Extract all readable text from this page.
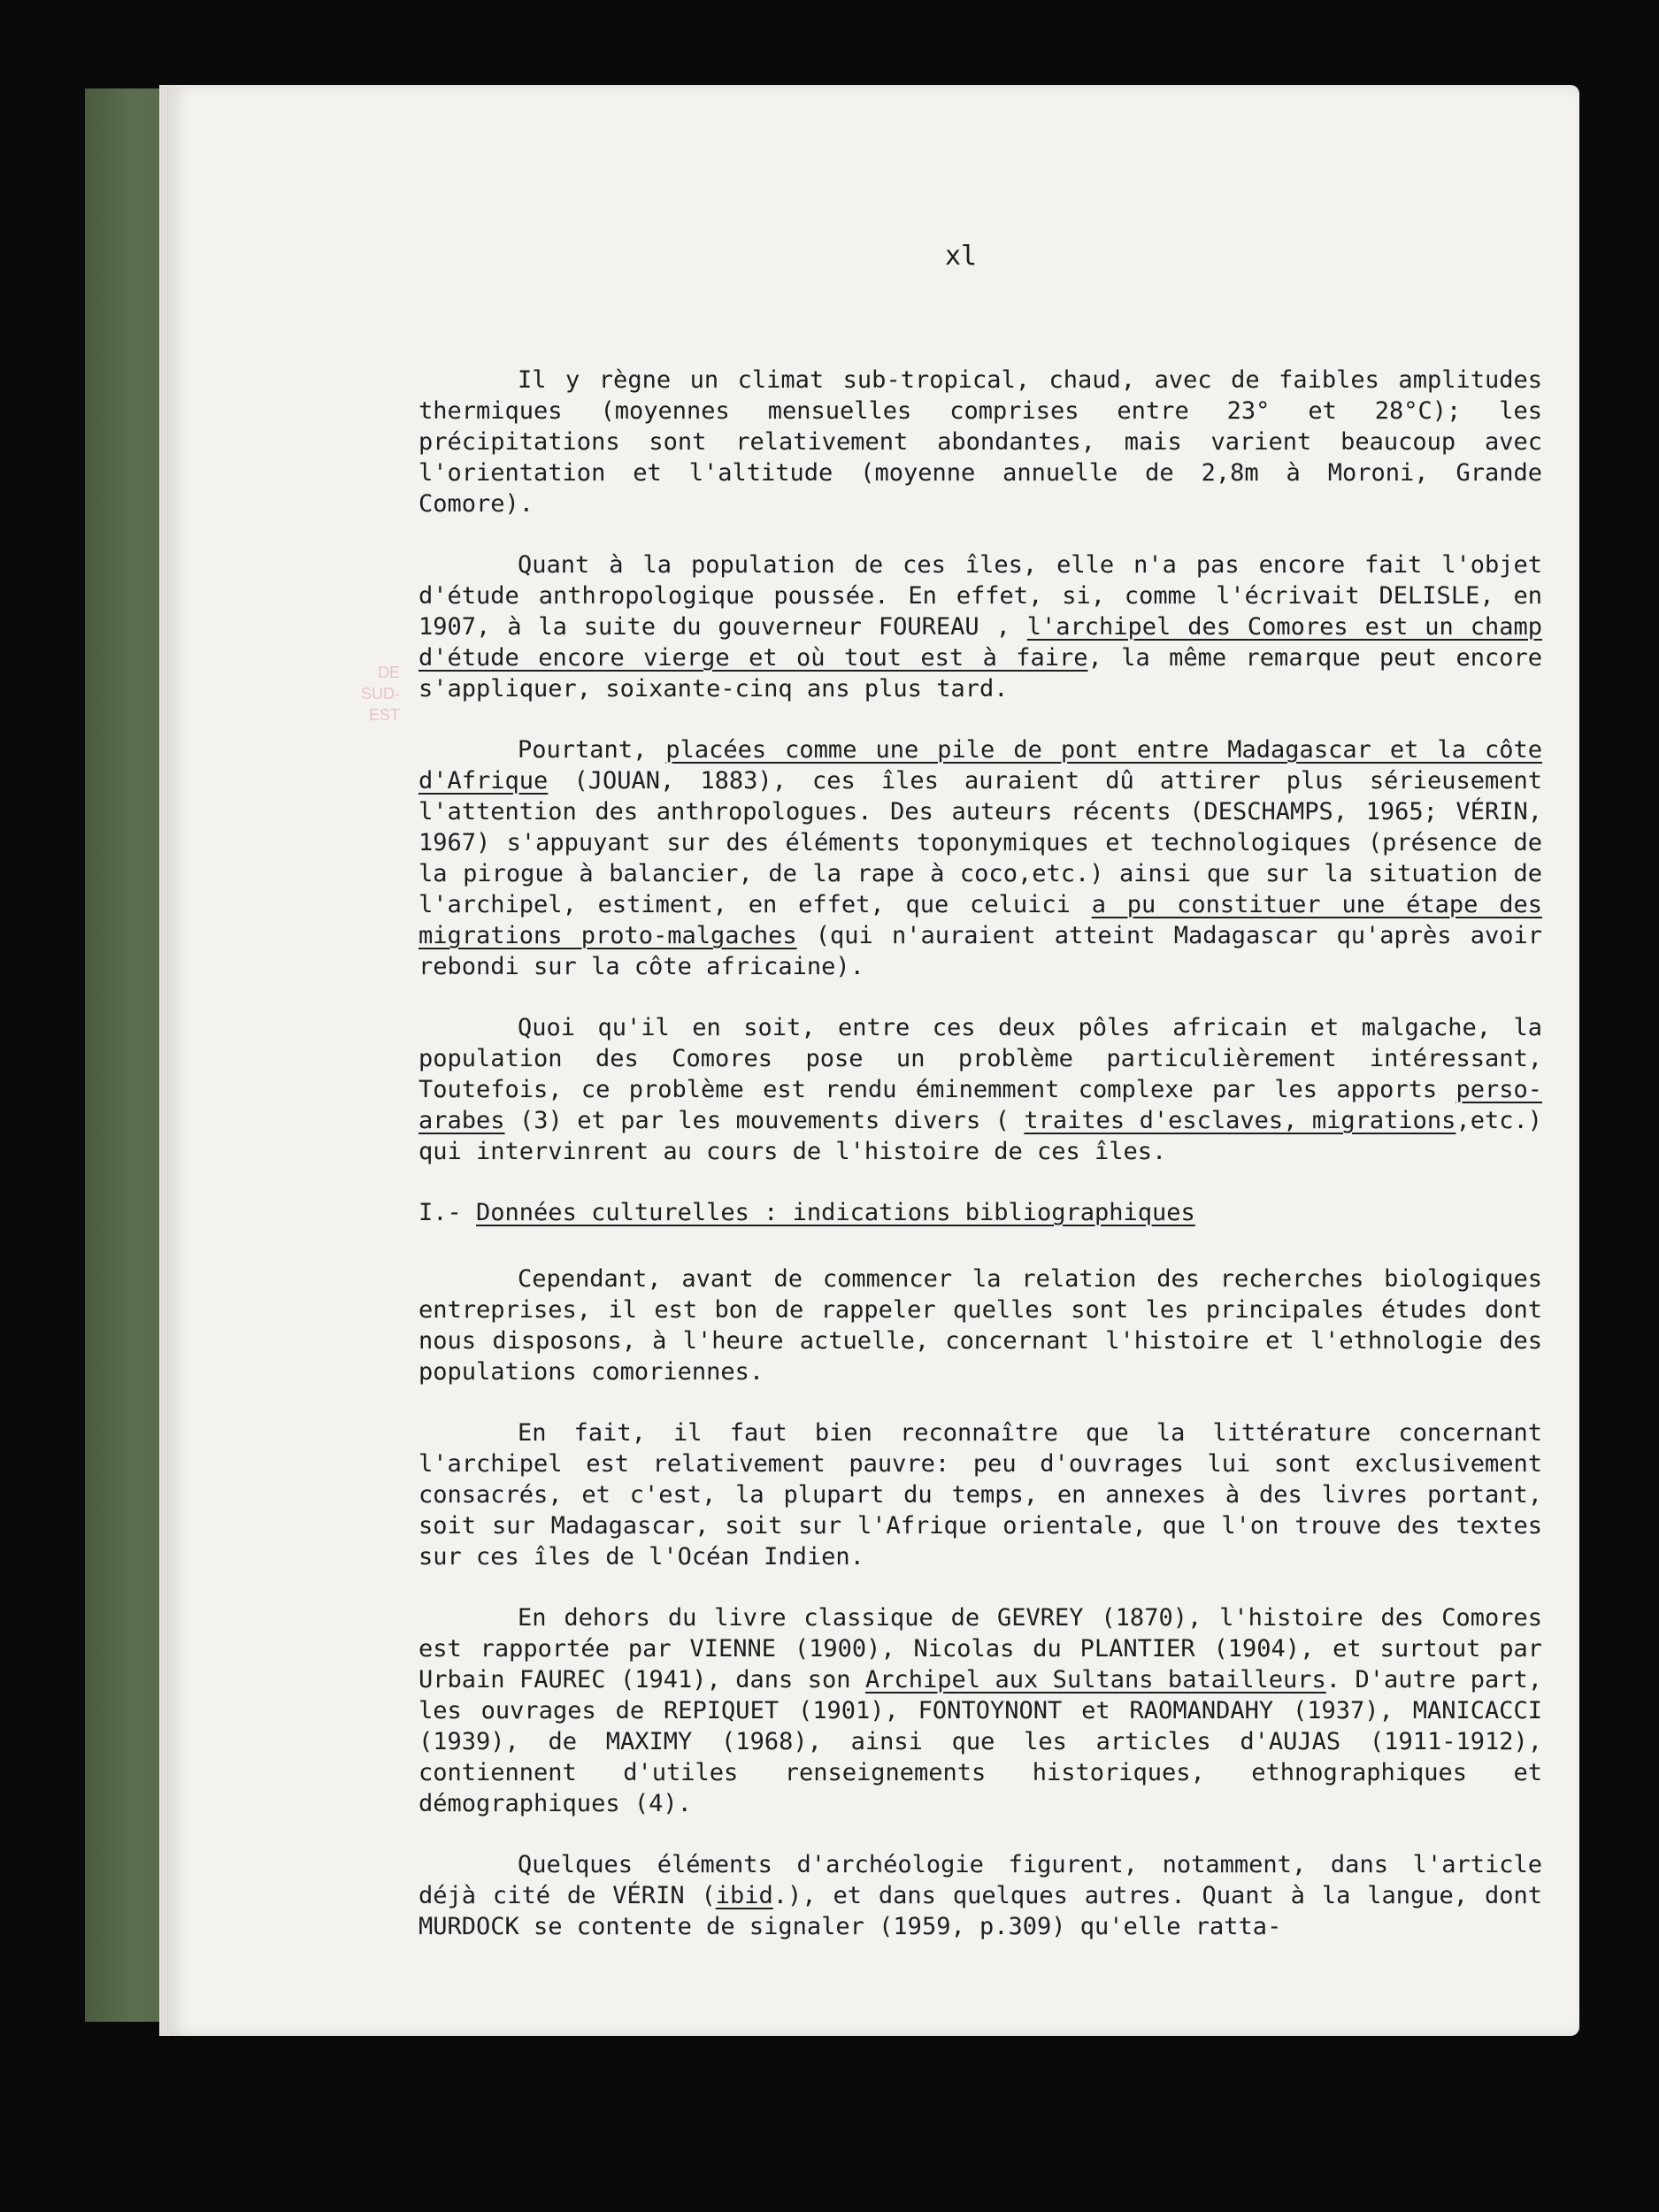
DE SUD-EST
xl

Il y règne un climat sub-tropical, chaud, avec de faibles amplitudes thermiques (moyennes mensuelles comprises entre 23° et 28°C); les précipitations sont relativement abondantes, mais varient beaucoup avec l'orientation et l'altitude (moyenne annuelle de 2,8m à Moroni, Grande Comore).

Quant à la population de ces îles, elle n'a pas encore fait l'objet d'étude anthropologique poussée. En effet, si, comme l'écrivait DELISLE, en 1907, à la suite du gouverneur FOUREAU , l'archipel des Comores est un champ d'étude encore vierge et où tout est à faire, la même remarque peut encore s'appliquer, soixante-cinq ans plus tard.

Pourtant, placées comme une pile de pont entre Madagascar et la côte d'Afrique (JOUAN, 1883), ces îles auraient dû attirer plus sérieusement l'attention des anthropologues. Des auteurs récents (DESCHAMPS, 1965; VÉRIN, 1967) s'appuyant sur des éléments toponymiques et technologiques (présence de la pirogue à balancier, de la rape à coco,etc.) ainsi que sur la situation de l'archipel, estiment, en effet, que celuici a pu constituer une étape des migrations proto-malgaches (qui n'auraient atteint Madagascar qu'après avoir rebondi sur la côte africaine).

Quoi qu'il en soit, entre ces deux pôles africain et malgache, la population des Comores pose un problème particulièrement intéressant, Toutefois, ce problème est rendu éminemment complexe par les apports perso-arabes (3) et par les mouvements divers ( traites d'esclaves, migrations,etc.) qui intervinrent au cours de l'histoire de ces îles.

I.- Données culturelles : indications bibliographiques

Cependant, avant de commencer la relation des recherches biologiques entreprises, il est bon de rappeler quelles sont les principales études dont nous disposons, à l'heure actuelle, concernant l'histoire et l'ethnologie des populations comoriennes.

En fait, il faut bien reconnaître que la littérature concernant l'archipel est relativement pauvre: peu d'ouvrages lui sont exclusivement consacrés, et c'est, la plupart du temps, en annexes à des livres portant, soit sur Madagascar, soit sur l'Afrique orientale, que l'on trouve des textes sur ces îles de l'Océan Indien.

En dehors du livre classique de GEVREY (1870), l'histoire des Comores est rapportée par VIENNE (1900), Nicolas du PLANTIER (1904), et surtout par Urbain FAUREC (1941), dans son Archipel aux Sultans batailleurs. D'autre part, les ouvrages de REPIQUET (1901), FONTOYNONT et RAOMANDAHY (1937), MANICACCI (1939), de MAXIMY (1968), ainsi que les articles d'AUJAS (1911-1912), contiennent d'utiles renseignements historiques, ethnographiques et démographiques (4).

Quelques éléments d'archéologie figurent, notamment, dans l'article déjà cité de VÉRIN (ibid.), et dans quelques autres. Quant à la langue, dont MURDOCK se contente de signaler (1959, p.309) qu'elle ratta-
